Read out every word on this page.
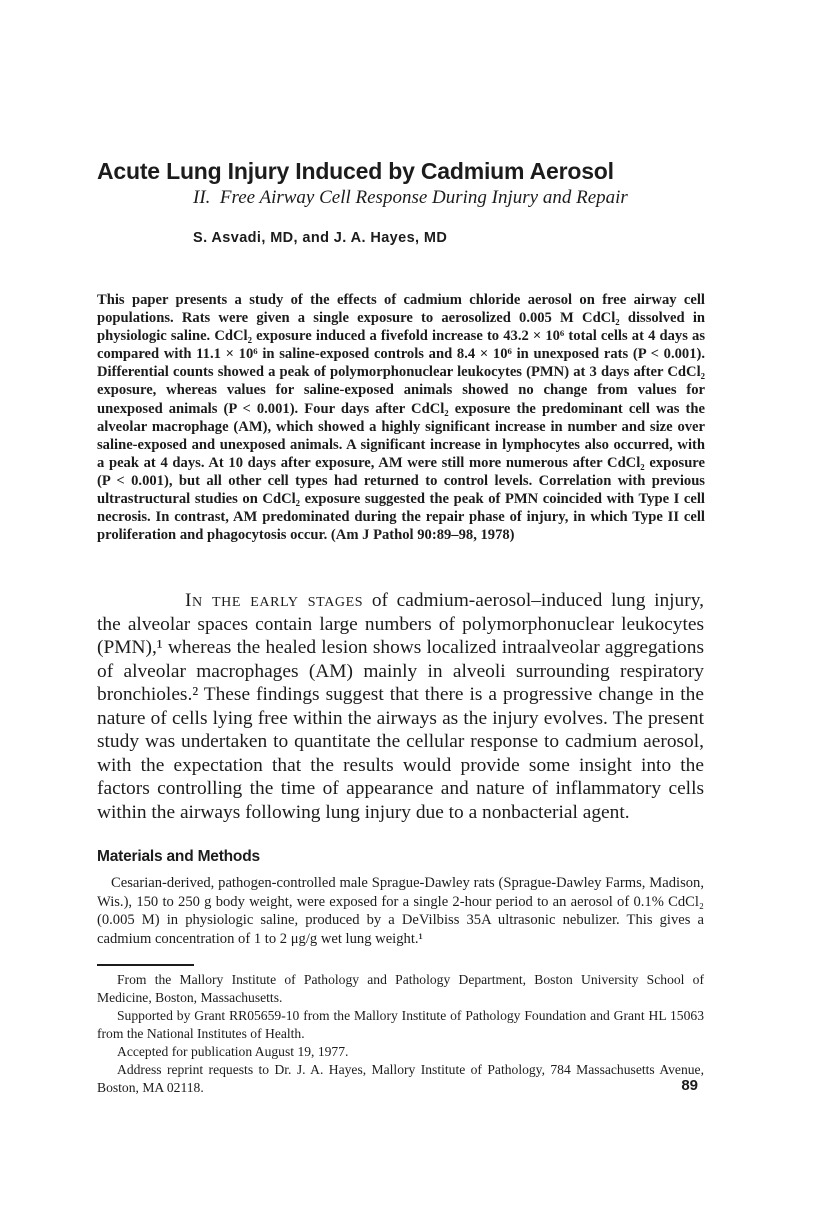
Acute Lung Injury Induced by Cadmium Aerosol
II.  Free Airway Cell Response During Injury and Repair
S. Asvadi, MD, and J. A. Hayes, MD

This paper presents a study of the effects of cadmium chloride aerosol on free airway cell populations. Rats were given a single exposure to aerosolized 0.005 M CdCl₂ dissolved in physiologic saline. CdCl₂ exposure induced a fivefold increase to 43.2 × 10⁶ total cells at 4 days as compared with 11.1 × 10⁶ in saline-exposed controls and 8.4 × 10⁶ in unexposed rats (P < 0.001). Differential counts showed a peak of polymorphonuclear leukocytes (PMN) at 3 days after CdCl₂ exposure, whereas values for saline-exposed animals showed no change from values for unexposed animals (P < 0.001). Four days after CdCl₂ exposure the predominant cell was the alveolar macrophage (AM), which showed a highly significant increase in number and size over saline-exposed and unexposed animals. A significant increase in lymphocytes also occurred, with a peak at 4 days. At 10 days after exposure, AM were still more numerous after CdCl₂ exposure (P < 0.001), but all other cell types had returned to control levels. Correlation with previous ultrastructural studies on CdCl₂ exposure suggested the peak of PMN coincided with Type I cell necrosis. In contrast, AM predominated during the repair phase of injury, in which Type II cell proliferation and phagocytosis occur. (Am J Pathol 90:89–98, 1978)

In the early stages of cadmium-aerosol–induced lung injury, the alveolar spaces contain large numbers of polymorphonuclear leukocytes (PMN),¹ whereas the healed lesion shows localized intraalveolar aggregations of alveolar macrophages (AM) mainly in alveoli surrounding respiratory bronchioles.² These findings suggest that there is a progressive change in the nature of cells lying free within the airways as the injury evolves. The present study was undertaken to quantitate the cellular response to cadmium aerosol, with the expectation that the results would provide some insight into the factors controlling the time of appearance and nature of inflammatory cells within the airways following lung injury due to a nonbacterial agent.

Materials and Methods

Cesarian-derived, pathogen-controlled male Sprague-Dawley rats (Sprague-Dawley Farms, Madison, Wis.), 150 to 250 g body weight, were exposed for a single 2-hour period to an aerosol of 0.1% CdCl₂ (0.005 M) in physiologic saline, produced by a DeVilbiss 35A ultrasonic nebulizer. This gives a cadmium concentration of 1 to 2 μg/g wet lung weight.¹

From the Mallory Institute of Pathology and Pathology Department, Boston University School of Medicine, Boston, Massachusetts.

Supported by Grant RR05659-10 from the Mallory Institute of Pathology Foundation and Grant HL 15063 from the National Institutes of Health.

Accepted for publication August 19, 1977.

Address reprint requests to Dr. J. A. Hayes, Mallory Institute of Pathology, 784 Massachusetts Avenue, Boston, MA 02118.	89
